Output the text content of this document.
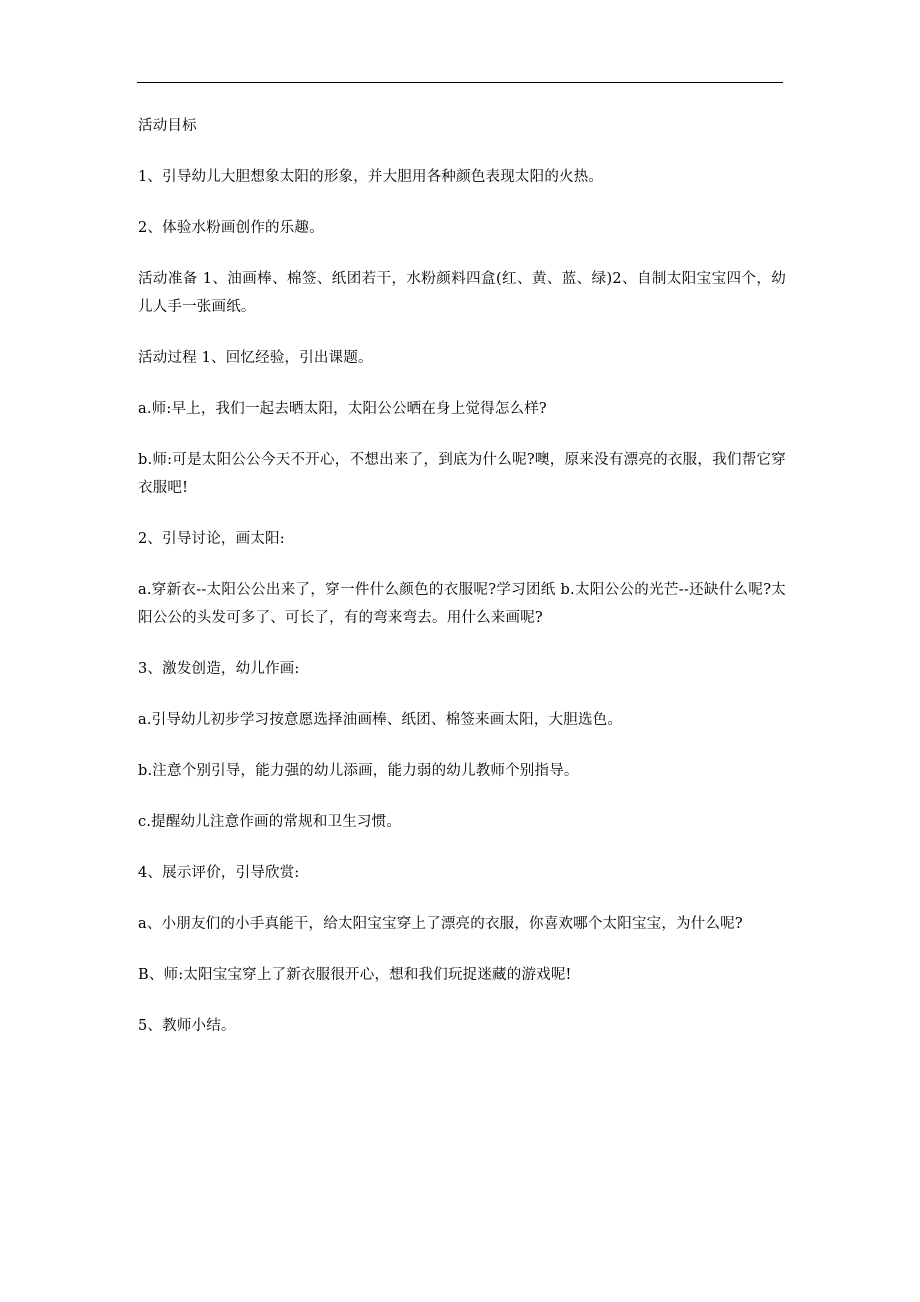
活动目标

1、引导幼儿大胆想象太阳的形象，并大胆用各种颜色表现太阳的火热。

2、体验水粉画创作的乐趣。

活动准备 1、油画棒、棉签、纸团若干，水粉颜料四盒(红、黄、蓝、绿)2、自制太阳宝宝四个，幼儿人手一张画纸。

活动过程 1、回忆经验，引出课题。

a.师:早上，我们一起去晒太阳，太阳公公晒在身上觉得怎么样?

b.师:可是太阳公公今天不开心，不想出来了，到底为什么呢?噢，原来没有漂亮的衣服，我们帮它穿衣服吧!

2、引导讨论，画太阳:

a.穿新衣--太阳公公出来了，穿一件什么颜色的衣服呢?学习团纸 b.太阳公公的光芒--还缺什么呢?太阳公公的头发可多了、可长了，有的弯来弯去。用什么来画呢?

3、激发创造，幼儿作画:

a.引导幼儿初步学习按意愿选择油画棒、纸团、棉签来画太阳，大胆选色。

b.注意个别引导，能力强的幼儿添画，能力弱的幼儿教师个别指导。

c.提醒幼儿注意作画的常规和卫生习惯。

4、展示评价，引导欣赏:

a、小朋友们的小手真能干，给太阳宝宝穿上了漂亮的衣服，你喜欢哪个太阳宝宝，为什么呢?

B、师:太阳宝宝穿上了新衣服很开心，想和我们玩捉迷藏的游戏呢!

5、教师小结。
